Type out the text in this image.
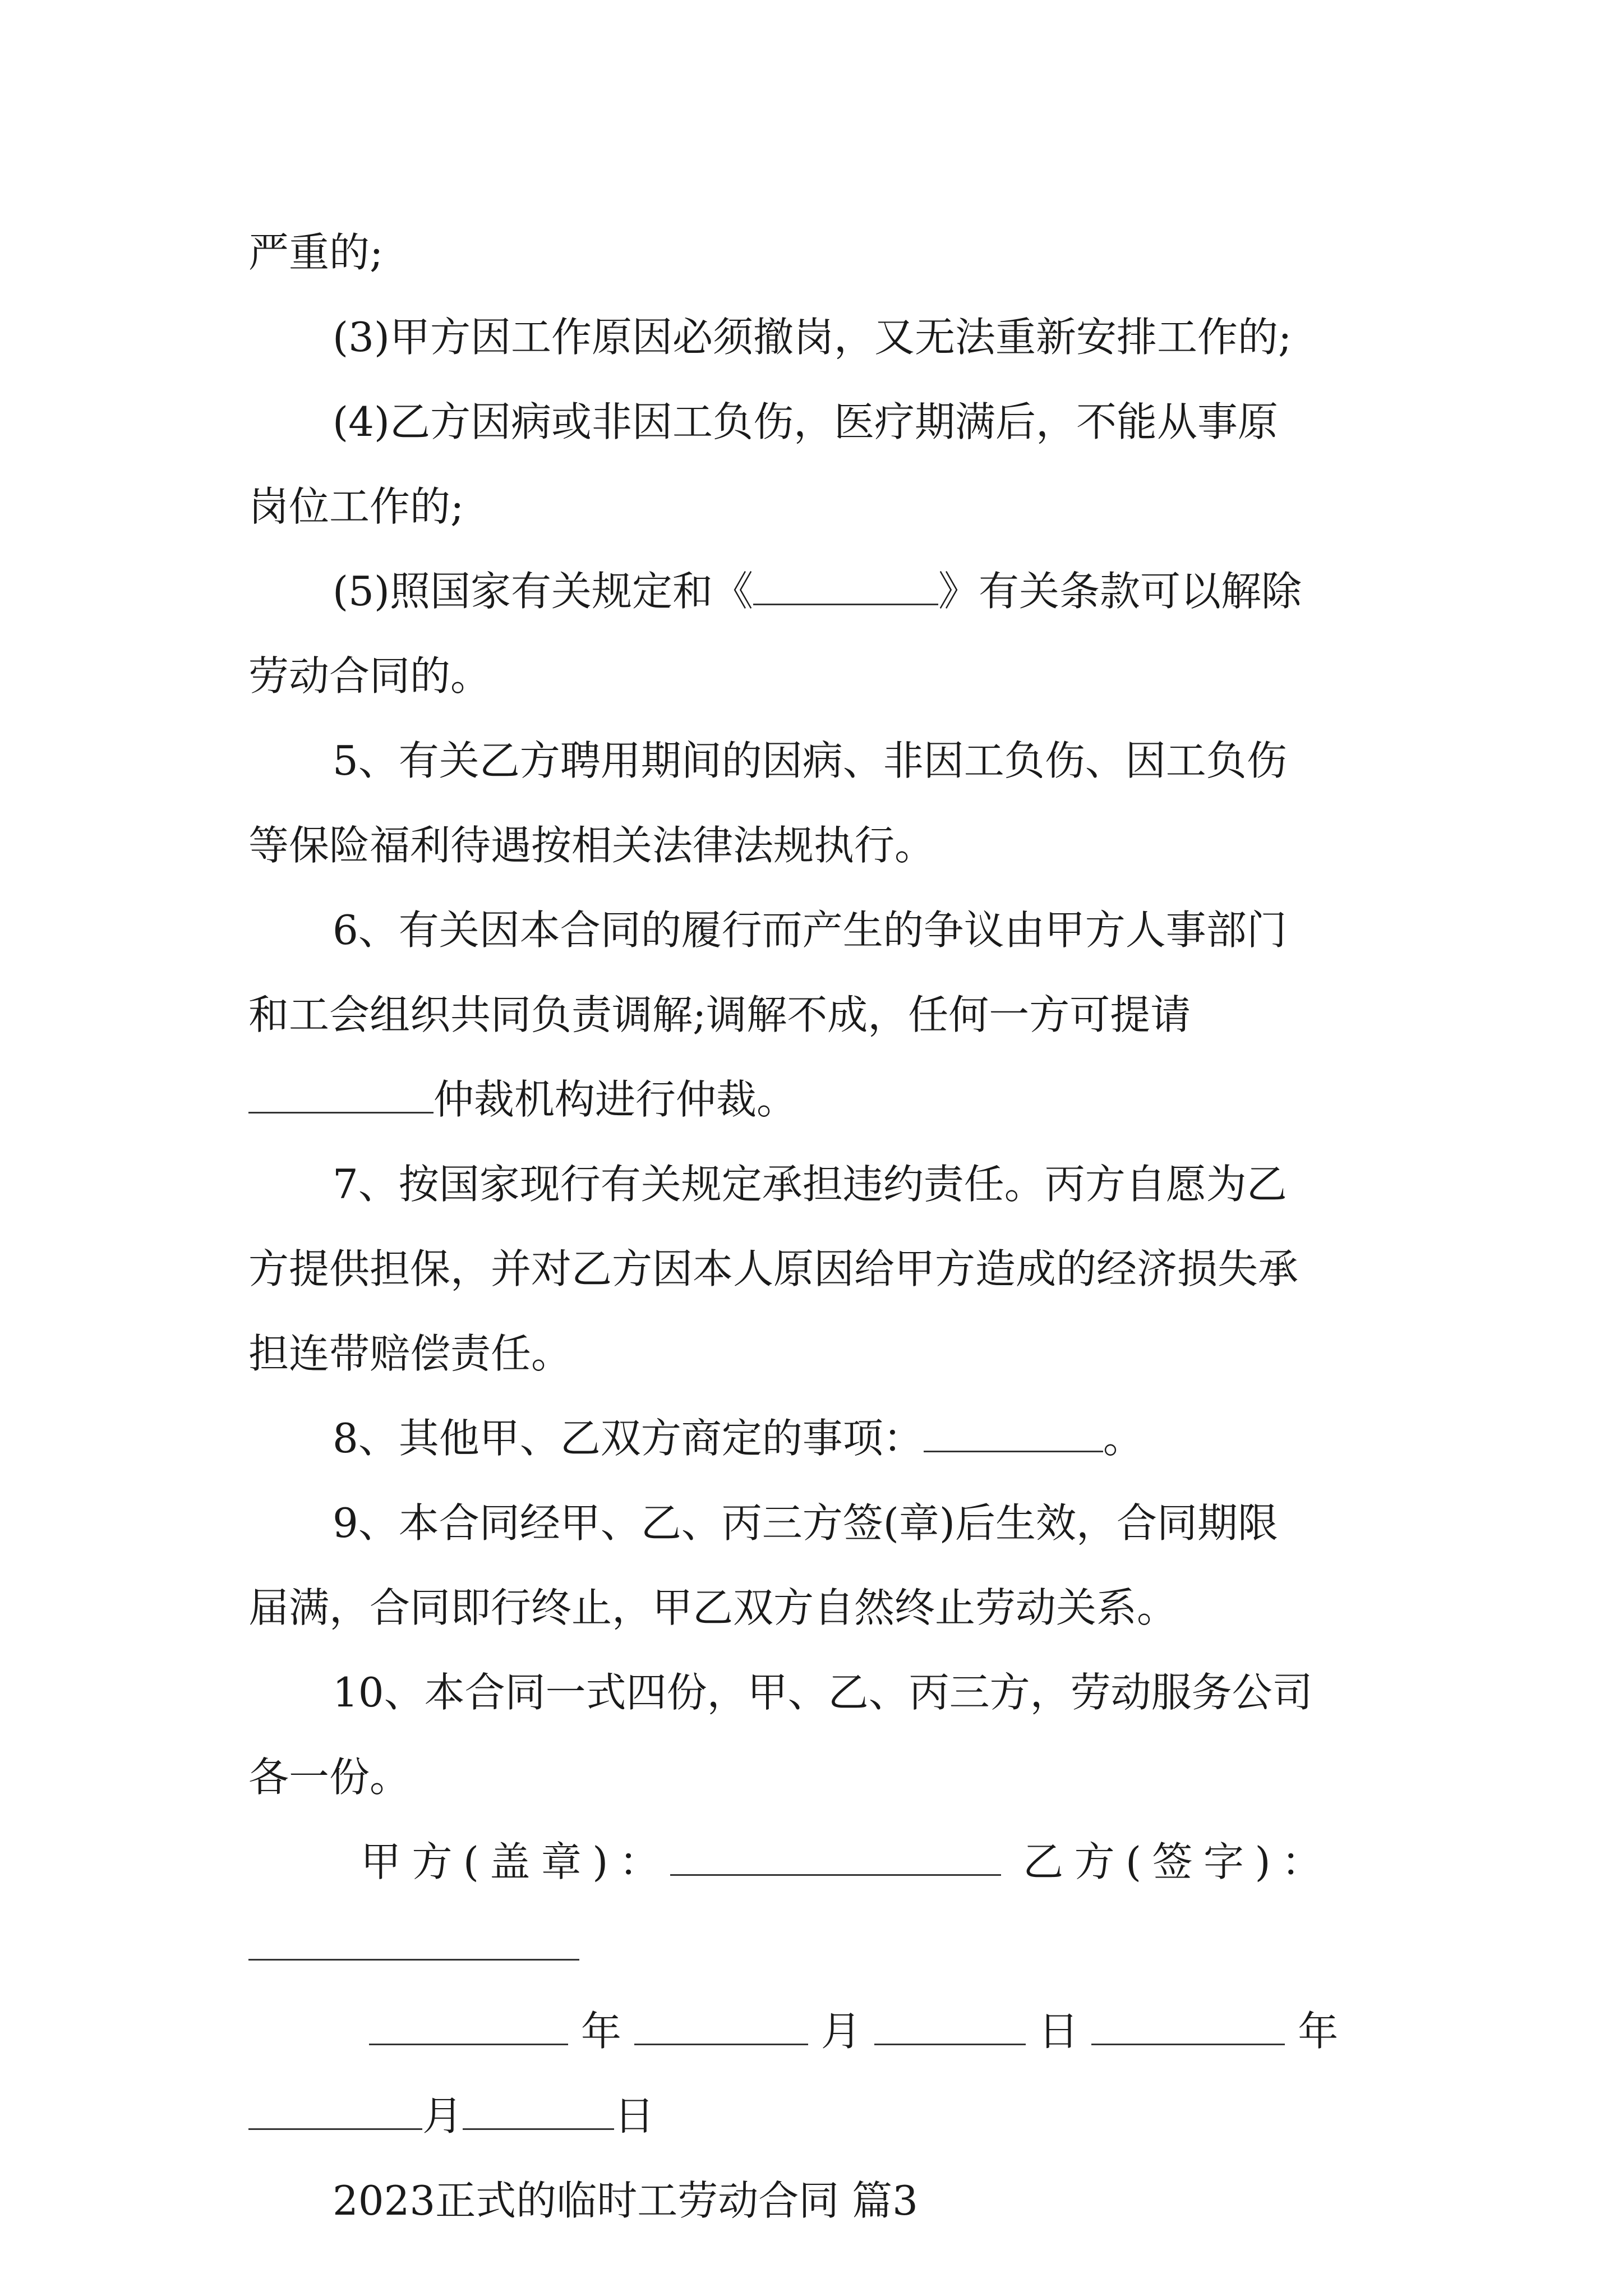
严重的;
(3)甲方因工作原因必须撤岗，又无法重新安排工作的;
(4)乙方因病或非因工负伤，医疗期满后，不能从事原
岗位工作的;
(5)照国家有关规定和《	》有关条款可以解除
劳动合同的。
5、有关乙方聘用期间的因病、非因工负伤、因工负伤
等保险福利待遇按相关法律法规执行。
6、有关因本合同的履行而产生的争议由甲方人事部门
和工会组织共同负责调解;调解不成，任何一方可提请
仲裁机构进行仲裁。
7、按国家现行有关规定承担违约责任。丙方自愿为乙
方提供担保，并对乙方因本人原因给甲方造成的经济损失承
担连带赔偿责任。
8、其他甲、乙双方商定的事项：	。
9、本合同经甲、乙、丙三方签(章)后生效，合同期限
届满，合同即行终止，甲乙双方自然终止劳动关系。
10、本合同一式四份，甲、乙、丙三方，劳动服务公司
各一份。
甲方(盖章)：	乙方(签字)：
年	月	日	年
月	日
2023正式的临时工劳动合同 篇3
